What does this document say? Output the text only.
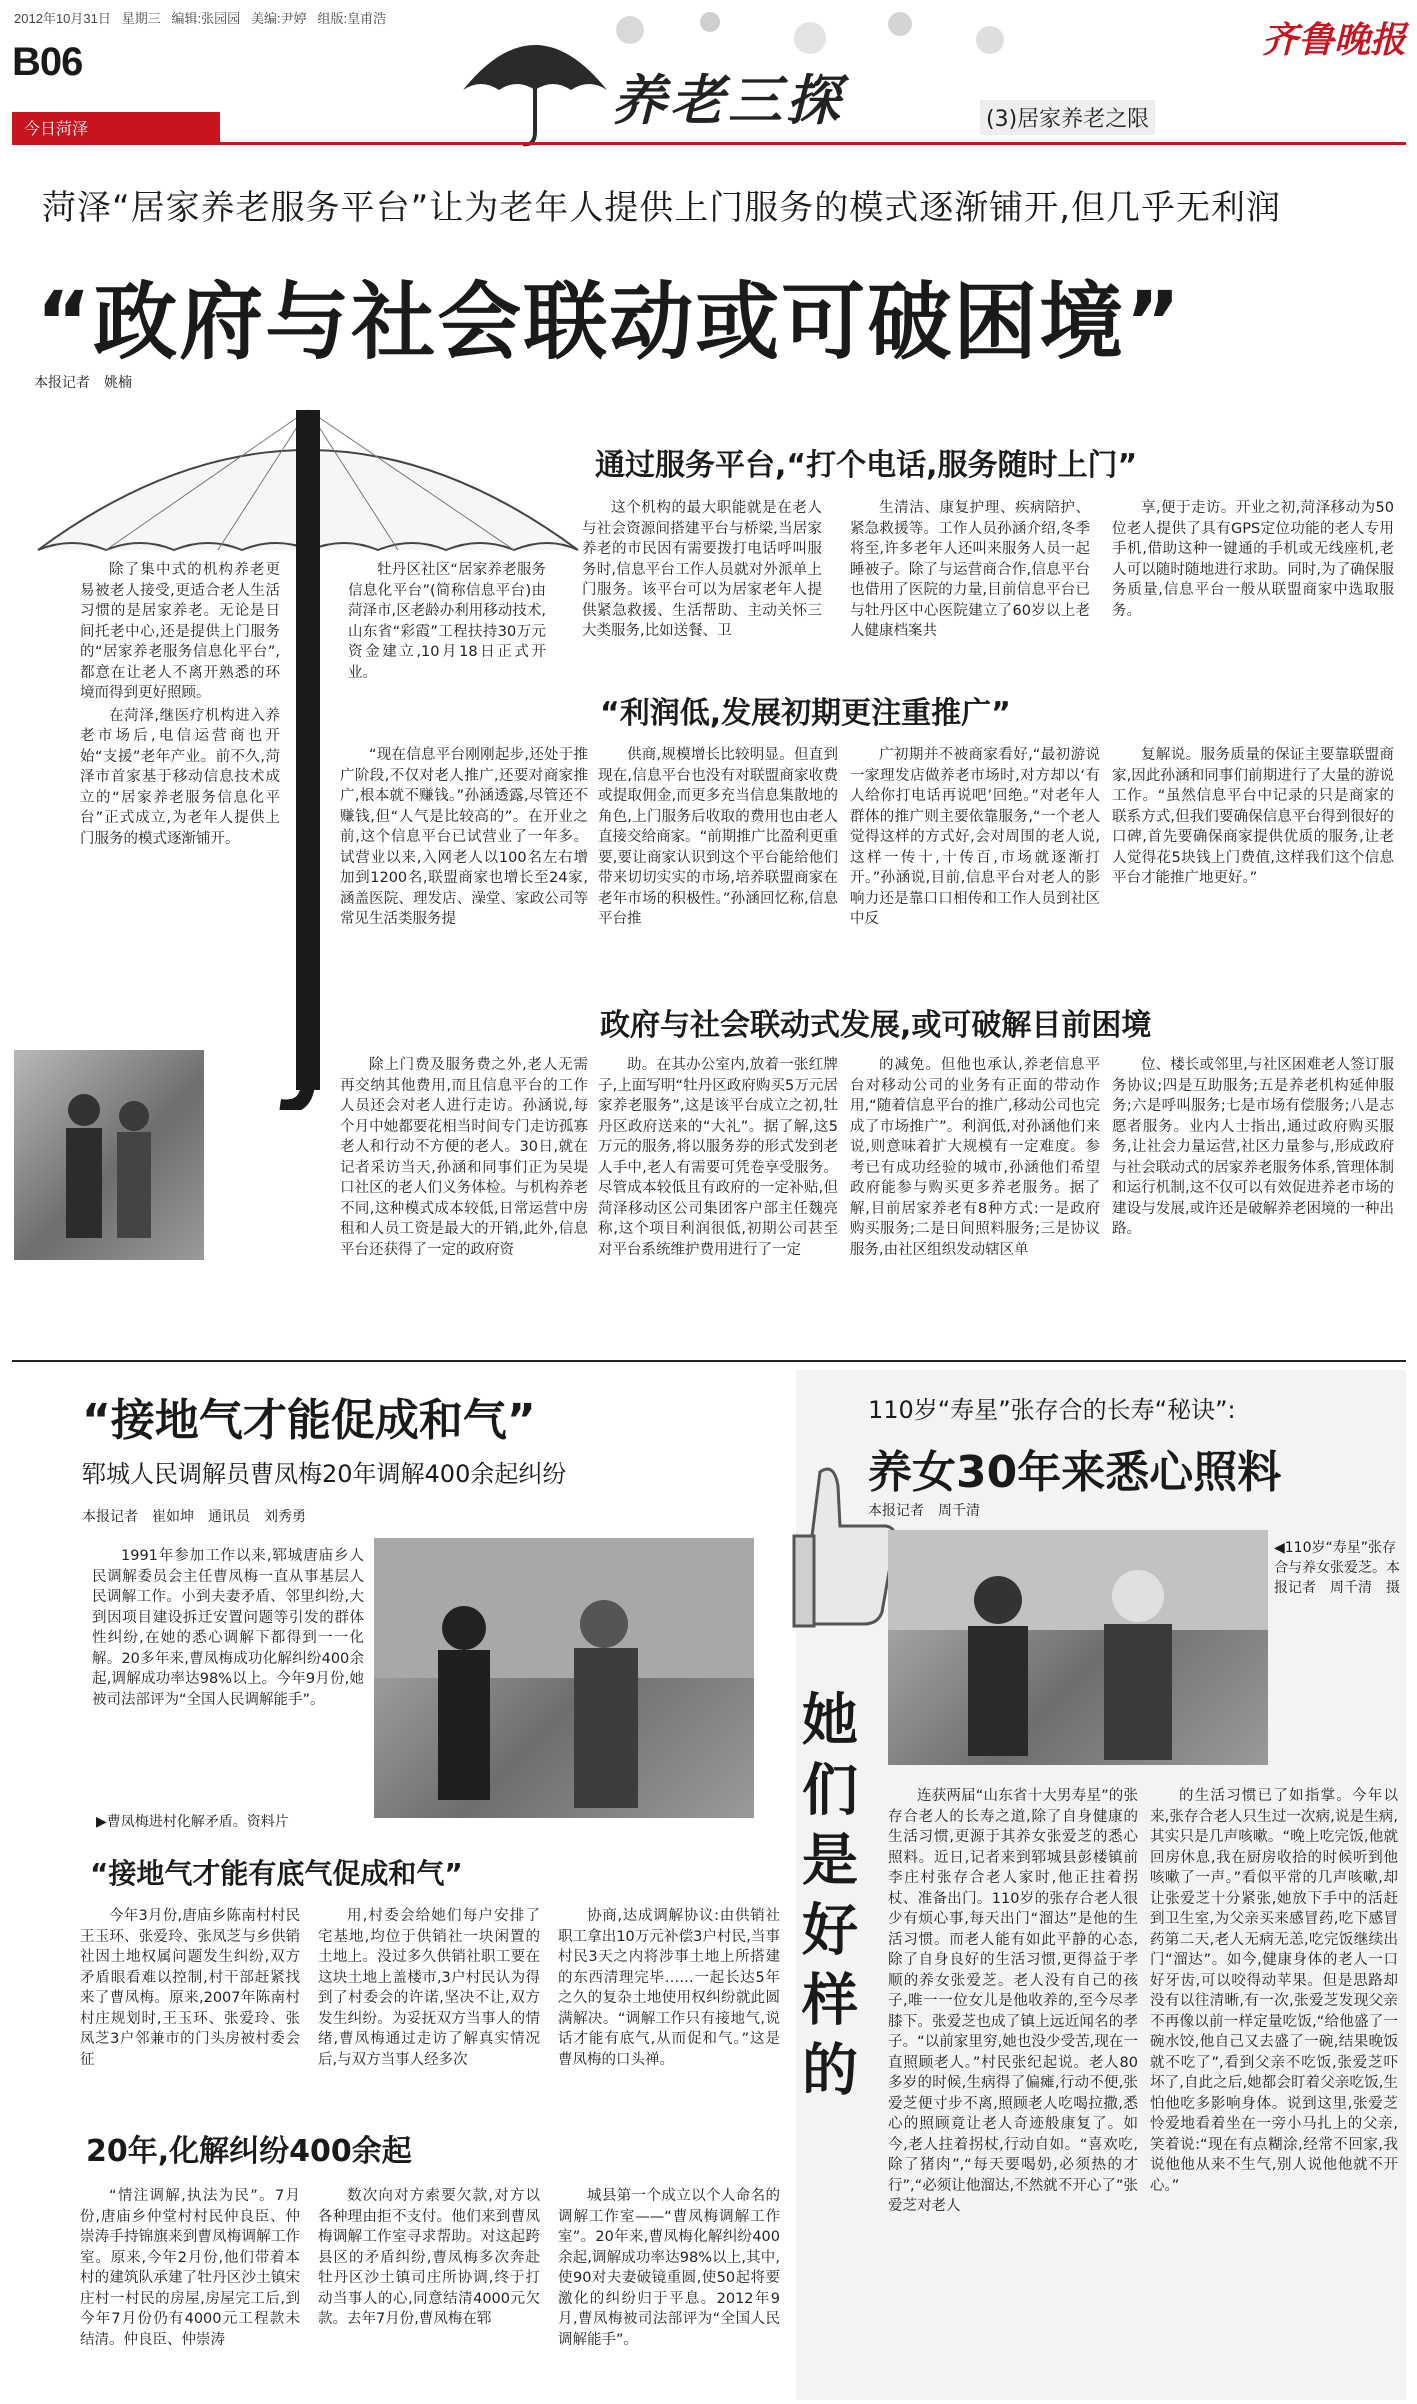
2012年10月31日 星期三 编辑:张园园 美编:尹婷 组版:皇甫浩
B06
今日菏泽	养老三探	(3)居家养老之限
齐鲁晚报
菏泽“居家养老服务平台”让为老年人提供上门服务的模式逐渐铺开,但几乎无利润
“政府与社会联动或可破困境”
本报记者　姚楠

除了集中式的机构养老更易被老人接受,更适合老人生活习惯的是居家养老。无论是日间托老中心,还是提供上门服务的“居家养老服务信息化平台”,都意在让老人不离开熟悉的环境而得到更好照顾。

在菏泽,继医疗机构进入养老市场后,电信运营商也开始“支援”老年产业。前不久,菏泽市首家基于移动信息技术成立的“居家养老服务信息化平台”正式成立,为老年人提供上门服务的模式逐渐铺开。

通过服务平台,“打个电话,服务随时上门”
牡丹区社区“居家养老服务信息化平台”(简称信息平台)由菏泽市,区老龄办利用移动技术,山东省“彩霞”工程扶持30万元资金建立,10月18日正式开业。
这个机构的最大职能就是在老人与社会资源间搭建平台与桥梁,当居家养老的市民因有需要拨打电话呼叫服务时,信息平台工作人员就对外派单上门服务。该平台可以为居家老年人提供紧急救援、生活帮助、主动关怀三大类服务,比如送餐、卫
生清洁、康复护理、疾病陪护、紧急救援等。工作人员孙涵介绍,冬季将至,许多老年人还叫来服务人员一起睡被子。除了与运营商合作,信息平台也借用了医院的力量,目前信息平台已与牡丹区中心医院建立了60岁以上老人健康档案共
享,便于走访。开业之初,菏泽移动为50位老人提供了具有GPS定位功能的老人专用手机,借助这种一键通的手机或无线座机,老人可以随时随地进行求助。同时,为了确保服务质量,信息平台一般从联盟商家中选取服务。
“利润低,发展初期更注重推广”
“现在信息平台刚刚起步,还处于推广阶段,不仅对老人推广,还要对商家推广,根本就不赚钱。”孙涵透露,尽管还不赚钱,但“人气是比较高的”。在开业之前,这个信息平台已试营业了一年多。试营业以来,入网老人以100名左右增加到1200名,联盟商家也增长至24家,涵盖医院、理发店、澡堂、家政公司等常见生活类服务提
供商,规模增长比较明显。但直到现在,信息平台也没有对联盟商家收费或提取佣金,而更多充当信息集散地的角色,上门服务后收取的费用也由老人直接交给商家。“前期推广比盈利更重要,要让商家认识到这个平台能给他们带来切切实实的市场,培养联盟商家在老年市场的积极性。”孙涵回忆称,信息平台推
广初期并不被商家看好,“最初游说一家理发店做养老市场时,对方却以‘有人给你打电话再说吧’回绝。”对老年人群体的推广则主要依靠服务,“一个老人觉得这样的方式好,会对周围的老人说,这样一传十,十传百,市场就逐渐打开。”孙涵说,目前,信息平台对老人的影响力还是靠口口相传和工作人员到社区中反
复解说。服务质量的保证主要靠联盟商家,因此孙涵和同事们前期进行了大量的游说工作。“虽然信息平台中记录的只是商家的联系方式,但我们要确保信息平台得到很好的口碑,首先要确保商家提供优质的服务,让老人觉得花5块钱上门费值,这样我们这个信息平台才能推广地更好。”
政府与社会联动式发展,或可破解目前困境
除上门费及服务费之外,老人无需再交纳其他费用,而且信息平台的工作人员还会对老人进行走访。孙涵说,每个月中她都要花相当时间专门走访孤寡老人和行动不方便的老人。30日,就在记者采访当天,孙涵和同事们正为吴堤口社区的老人们义务体检。与机构养老不同,这种模式成本较低,日常运营中房租和人员工资是最大的开销,此外,信息平台还获得了一定的政府资
助。在其办公室内,放着一张红牌子,上面写明“牡丹区政府购买5万元居家养老服务”,这是该平台成立之初,牡丹区政府送来的“大礼”。据了解,这5万元的服务,将以服务券的形式发到老人手中,老人有需要可凭卷享受服务。尽管成本较低且有政府的一定补贴,但菏泽移动区公司集团客户部主任魏亮称,这个项目利润很低,初期公司甚至对平台系统维护费用进行了一定
的减免。但他也承认,养老信息平台对移动公司的业务有正面的带动作用,“随着信息平台的推广,移动公司也完成了市场推广”。利润低,对孙涵他们来说,则意味着扩大规模有一定难度。参考已有成功经验的城市,孙涵他们希望政府能参与购买更多养老服务。据了解,目前居家养老有8种方式:一是政府购买服务;二是日间照料服务;三是协议服务,由社区组织发动辖区单
位、楼长或邻里,与社区困难老人签订服务协议;四是互助服务;五是养老机构延伸服务;六是呼叫服务;七是市场有偿服务;八是志愿者服务。业内人士指出,通过政府购买服务,让社会力量运营,社区力量参与,形成政府与社会联动式的居家养老服务体系,管理体制和运行机制,这不仅可以有效促进养老市场的建设与发展,或许还是破解养老困境的一种出路。
“接地气才能促成和气”
郓城人民调解员曹凤梅20年调解400余起纠纷
本报记者　崔如坤　通讯员　刘秀勇
1991年参加工作以来,郓城唐庙乡人民调解委员会主任曹凤梅一直从事基层人民调解工作。小到夫妻矛盾、邻里纠纷,大到因项目建设拆迁安置问题等引发的群体性纠纷,在她的悉心调解下都得到一一化解。20多年来,曹凤梅成功化解纠纷400余起,调解成功率达98%以上。今年9月份,她被司法部评为“全国人民调解能手”。
▶曹凤梅进村化解矛盾。资料片
“接地气才能有底气促成和气”
今年3月份,唐庙乡陈南村村民王玉环、张爱玲、张凤芝与乡供销社因土地权属问题发生纠纷,双方矛盾眼看难以控制,村干部赶紧找来了曹凤梅。原来,2007年陈南村村庄规划时,王玉环、张爱玲、张凤芝3户邻兼市的门头房被村委会征
用,村委会给她们每户安排了宅基地,均位于供销社一块闲置的土地上。没过多久供销社职工要在这块土地上盖楼市,3户村民认为得到了村委会的许诺,坚决不让,双方发生纠纷。为妥抚双方当事人的情绪,曹凤梅通过走访了解真实情况后,与双方当事人经多次
协商,达成调解协议:由供销社职工拿出10万元补偿3户村民,当事村民3天之内将涉事土地上所搭建的东西清理完毕……一起长达5年之久的复杂土地使用权纠纷就此圆满解决。“调解工作只有接地气,说话才能有底气,从而促和气。”这是曹凤梅的口头禅。
20年,化解纠纷400余起
“情注调解,执法为民”。7月份,唐庙乡仲堂村村民仲良臣、仲崇涛手持锦旗来到曹凤梅调解工作室。原来,今年2月份,他们带着本村的建筑队承建了牡丹区沙土镇宋庄村一村民的房屋,房屋完工后,到今年7月份仍有4000元工程款未结清。仲良臣、仲崇涛
数次向对方索要欠款,对方以各种理由拒不支付。他们来到曹凤梅调解工作室寻求帮助。对这起跨县区的矛盾纠纷,曹凤梅多次奔赴牡丹区沙土镇司庄所协调,终于打动当事人的心,同意结清4000元欠款。去年7月份,曹凤梅在郓
城县第一个成立以个人命名的调解工作室——“曹凤梅调解工作室”。20年来,曹凤梅化解纠纷400余起,调解成功率达98%以上,其中,使90对夫妻破镜重圆,使50起将要激化的纠纷归于平息。2012年9月,曹凤梅被司法部评为“全国人民调解能手”。
她们是好样的
110岁“寿星”张存合的长寿“秘诀”:
养女30年来悉心照料
本报记者　周千清
◀110岁“寿星”张存合与养女张爱芝。本报记者　周千清　摄
连获两届“山东省十大男寿星”的张存合老人的长寿之道,除了自身健康的生活习惯,更源于其养女张爱芝的悉心照料。近日,记者来到郓城县彭楼镇前李庄村张存合老人家时,他正拄着拐杖、准备出门。110岁的张存合老人很少有烦心事,每天出门“溜达”是他的生活习惯。而老人能有如此平静的心态,除了自身良好的生活习惯,更得益于孝顺的养女张爱芝。老人没有自己的孩子,唯一一位女儿是他收养的,至今尽孝膝下。张爱芝也成了镇上远近闻名的孝子。“以前家里穷,她也没少受苦,现在一直照顾老人。”村民张纪起说。老人80多岁的时候,生病得了偏瘫,行动不便,张爱芝便寸步不离,照顾老人吃喝拉撒,悉心的照顾竟让老人奇迹般康复了。如今,老人拄着拐杖,行动自如。“喜欢吃,除了猪肉”,“每天要喝奶,必须热的才行”,“必须让他溜达,不然就不开心了”张爱芝对老人
的生活习惯已了如指掌。今年以来,张存合老人只生过一次病,说是生病,其实只是几声咳嗽。“晚上吃完饭,他就回房休息,我在厨房收拾的时候听到他咳嗽了一声。”看似平常的几声咳嗽,却让张爱芝十分紧张,她放下手中的活赶到卫生室,为父亲买来感冒药,吃下感冒药第二天,老人无病无恙,吃完饭继续出门“溜达”。如今,健康身体的老人一口好牙齿,可以咬得动苹果。但是思路却没有以往清晰,有一次,张爱芝发现父亲不再像以前一样定量吃饭,“给他盛了一碗水饺,他自己又去盛了一碗,结果晚饭就不吃了”,看到父亲不吃饭,张爱芝吓坏了,自此之后,她都会盯着父亲吃饭,生怕他吃多影响身体。说到这里,张爱芝怜爱地看着坐在一旁小马扎上的父亲,笑着说:“现在有点糊涂,经常不回家,我说他他从来不生气,别人说他他就不开心。”
